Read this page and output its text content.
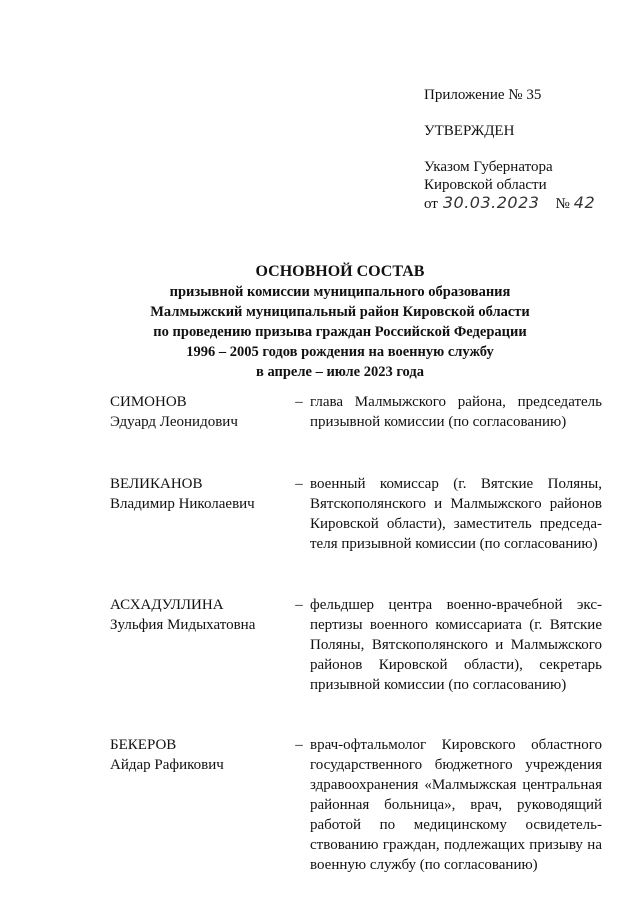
Приложение № 35
УТВЕРЖДЕН
Указом Губернатора
Кировской области
от 30.03.2023 № 42
ОСНОВНОЙ СОСТАВ
призывной комиссии муниципального образования
Малмыжский муниципальный район Кировской области
по проведению призыва граждан Российской Федерации
1996 – 2005 годов рождения на военную службу
в апреле – июле 2023 года
СИМОНОВ
Эдуард Леонидович
– глава Малмыжского района, председатель призывной комиссии (по согласованию)
ВЕЛИКАНОВ
Владимир Николаевич
– военный комиссар (г. Вятские Поляны, Вятскополянского и Малмыжского районов Кировской области), заместитель председателя призывной комиссии (по согласованию)
АСХАДУЛЛИНА
Зульфия Мидыхатовна
– фельдшер центра военно-врачебной экспертизы военного комиссариата (г. Вятские Поляны, Вятскополянского и Малмыжского районов Кировской области), секретарь призывной комиссии (по согласованию)
БЕКЕРОВ
Айдар Рафикович
– врач-офтальмолог Кировского областного государственного бюджетного учреждения здравоохранения «Малмыжская центральная районная больница», врач, руководящий работой по медицинскому освидетельствованию граждан, подлежащих призыву на военную службу (по согласованию)
